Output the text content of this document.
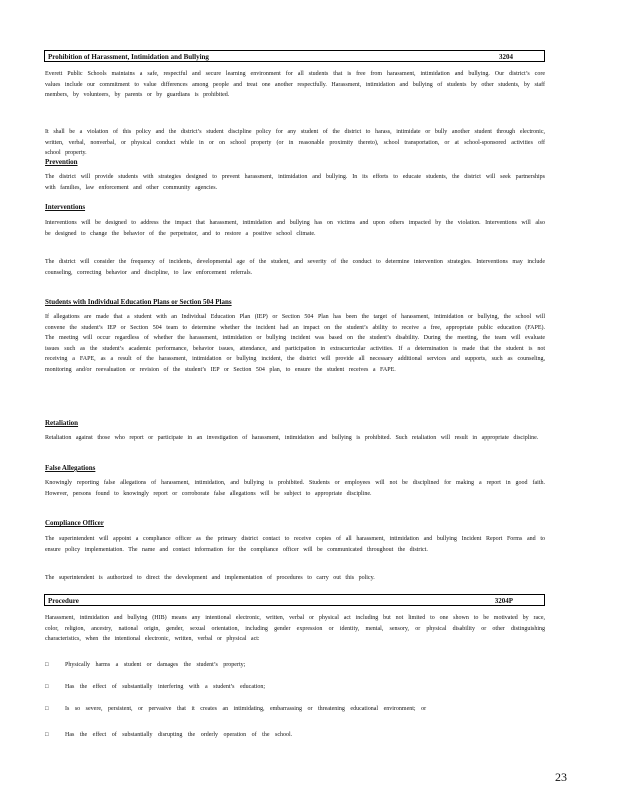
Prohibition of Harassment, Intimidation and Bullying	3204

Everett Public Schools maintains a safe, respectful and secure learning environment for all students that is free from harassment, intimidation and bullying. Our district’s core values include our commitment to value differences among people and treat one another respectfully. Harassment, intimidation and bullying of students by other students, by staff members, by volunteers, by parents or by guardians is prohibited.

It shall be a violation of this policy and the district’s student discipline policy for any student of the district to harass, intimidate or bully another student through electronic, written, verbal, nonverbal, or physical conduct while in or on school property (or in reasonable proximity thereto), school transportation, or at school-sponsored activities off school property.

Prevention

The district will provide students with strategies designed to prevent harassment, intimidation and bullying. In its efforts to educate students, the district will seek partnerships with families, law enforcement and other community agencies.

Interventions

Interventions will be designed to address the impact that harassment, intimidation and bullying has on victims and upon others impacted by the violation. Interventions will also be designed to change the behavior of the perpetrator, and to restore a positive school climate.

The district will consider the frequency of incidents, developmental age of the student, and severity of the conduct to determine intervention strategies. Interventions may include counseling, correcting behavior and discipline, to law enforcement referrals.

Students with Individual Education Plans or Section 504 Plans

If allegations are made that a student with an Individual Education Plan (IEP) or Section 504 Plan has been the target of harassment, intimidation or bullying, the school will convene the student’s IEP or Section 504 team to determine whether the incident had an impact on the student’s ability to receive a free, appropriate public education (FAPE). The meeting will occur regardless of whether the harassment, intimidation or bullying incident was based on the student’s disability. During the meeting, the team will evaluate issues such as the student’s academic performance, behavior issues, attendance, and participation in extracurricular activities. If a determination is made that the student is not receiving a FAPE, as a result of the harassment, intimidation or bullying incident, the district will provide all necessary additional services and supports, such as counseling, monitoring and/or reevaluation or revision of the student’s IEP or Section 504 plan, to ensure the student receives a FAPE.

Retaliation

Retaliation against those who report or participate in an investigation of harassment, intimidation and bullying is prohibited. Such retaliation will result in appropriate discipline.

False Allegations

Knowingly reporting false allegations of harassment, intimidation, and bullying is prohibited. Students or employees will not be disciplined for making a report in good faith. However, persons found to knowingly report or corroborate false allegations will be subject to appropriate discipline.

Compliance Officer

The superintendent will appoint a compliance officer as the primary district contact to receive copies of all harassment, intimidation and bullying Incident Report Forms and to ensure policy implementation. The name and contact information for the compliance officer will be communicated throughout the district.

The superintendent is authorized to direct the development and implementation of procedures to carry out this policy.

Procedure	3204P

Harassment, intimidation and bullying (HIB) means any intentional electronic, written, verbal or physical act including but not limited to one shown to be motivated by race, color, religion, ancestry, national origin, gender, sexual orientation, including gender expression or identity, mental, sensory, or physical disability or other distinguishing characteristics, when the intentional electronic, written, verbal or physical act:

□	Physically harms a student or damages the student’s property;
□	Has the effect of substantially interfering with a student’s education;
□	Is so severe, persistent, or pervasive that it creates an intimidating, embarrassing or threatening educational environment; or
□	Has the effect of substantially disrupting the orderly operation of the school.
23
